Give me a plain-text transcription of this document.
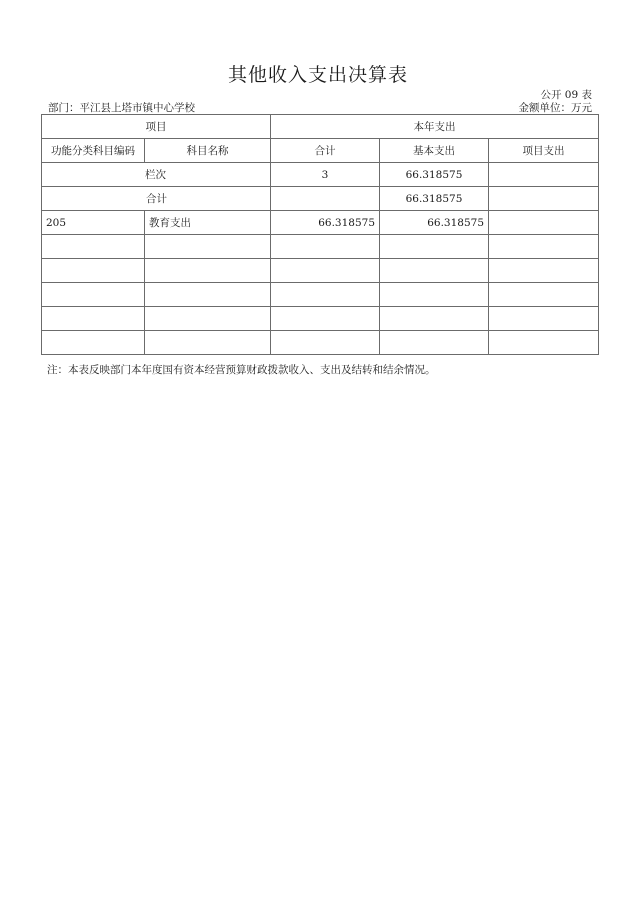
其他收入支出决算表
公开 09 表
部门：平江县上塔市镇中心学校	金额单位：万元
项目		本年支出		
功能分类科目编码	科目名称	合计	基本支出	项目支出
栏次		3	66.318575	
合计			66.318575	
205	教育支出	66.318575	66.318575	

注：本表反映部门本年度国有资本经营预算财政拨款收入、支出及结转和结余情况。
